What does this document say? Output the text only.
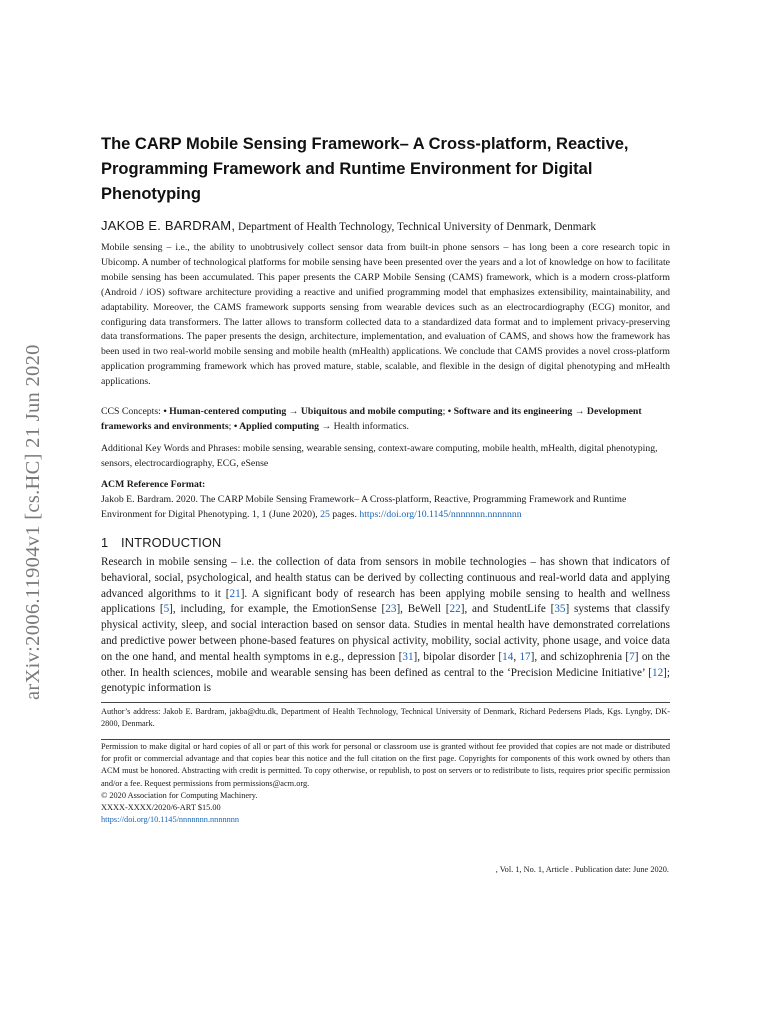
arXiv:2006.11904v1 [cs.HC] 21 Jun 2020
The CARP Mobile Sensing Framework– A Cross-platform, Reactive,
Programming Framework and Runtime Environment for Digital
Phenotyping
JAKOB E. BARDRAM, Department of Health Technology, Technical University of Denmark, Denmark
Mobile sensing – i.e., the ability to unobtrusively collect sensor data from built-in phone sensors – has long been a core research topic in Ubicomp. A number of technological platforms for mobile sensing have been presented over the years and a lot of knowledge on how to facilitate mobile sensing has been accumulated. This paper presents the CARP Mobile Sensing (CAMS) framework, which is a modern cross-platform (Android / iOS) software architecture providing a reactive and unified programming model that emphasizes extensibility, maintainability, and adaptability. Moreover, the CAMS framework supports sensing from wearable devices such as an electrocardiography (ECG) monitor, and configuring data transformers. The latter allows to transform collected data to a standardized data format and to implement privacy-preserving data transformations. The paper presents the design, architecture, implementation, and evaluation of CAMS, and shows how the framework has been used in two real-world mobile sensing and mobile health (mHealth) applications. We conclude that CAMS provides a novel cross-platform application programming framework which has proved mature, stable, scalable, and flexible in the design of digital phenotyping and mHealth applications.
CCS Concepts: • Human-centered computing → Ubiquitous and mobile computing; • Software and its engineering → Development frameworks and environments; • Applied computing → Health informatics.
Additional Key Words and Phrases: mobile sensing, wearable sensing, context-aware computing, mobile health, mHealth, digital phenotyping, sensors, electrocardiography, ECG, eSense
ACM Reference Format:
Jakob E. Bardram. 2020. The CARP Mobile Sensing Framework– A Cross-platform, Reactive, Programming Framework and Runtime Environment for Digital Phenotyping. 1, 1 (June 2020), 25 pages. https://doi.org/10.1145/nnnnnnn.nnnnnnn
1 INTRODUCTION

Research in mobile sensing – i.e. the collection of data from sensors in mobile technologies – has shown that indicators of behavioral, social, psychological, and health status can be derived by collecting continuous and real-world data and applying advanced algorithms to it [21]. A significant body of research has been applying mobile sensing to health and wellness applications [5], including, for example, the EmotionSense [23], BeWell [22], and StudentLife [35] systems that classify physical activity, sleep, and social interaction based on sensor data. Studies in mental health have demonstrated correlations and predictive power between phone-based features on physical activity, mobility, social activity, phone usage, and voice data on the one hand, and mental health symptoms in e.g., depression [31], bipolar disorder [14, 17], and schizophrenia [7] on the other. In health sciences, mobile and wearable sensing has been defined as central to the ‘Precision Medicine Initiative’ [12]; genotypic information is

Author’s address: Jakob E. Bardram, jakba@dtu.dk, Department of Health Technology, Technical University of Denmark, Richard Pedersens Plads, Kgs. Lyngby, DK-2800, Denmark.
Permission to make digital or hard copies of all or part of this work for personal or classroom use is granted without fee provided that copies are not made or distributed for profit or commercial advantage and that copies bear this notice and the full citation on the first page. Copyrights for components of this work owned by others than ACM must be honored. Abstracting with credit is permitted. To copy otherwise, or republish, to post on servers or to redistribute to lists, requires prior specific permission and/or a fee. Request permissions from permissions@acm.org.
© 2020 Association for Computing Machinery.
XXXX-XXXX/2020/6-ART $15.00
https://doi.org/10.1145/nnnnnnn.nnnnnnn
, Vol. 1, No. 1, Article . Publication date: June 2020.
